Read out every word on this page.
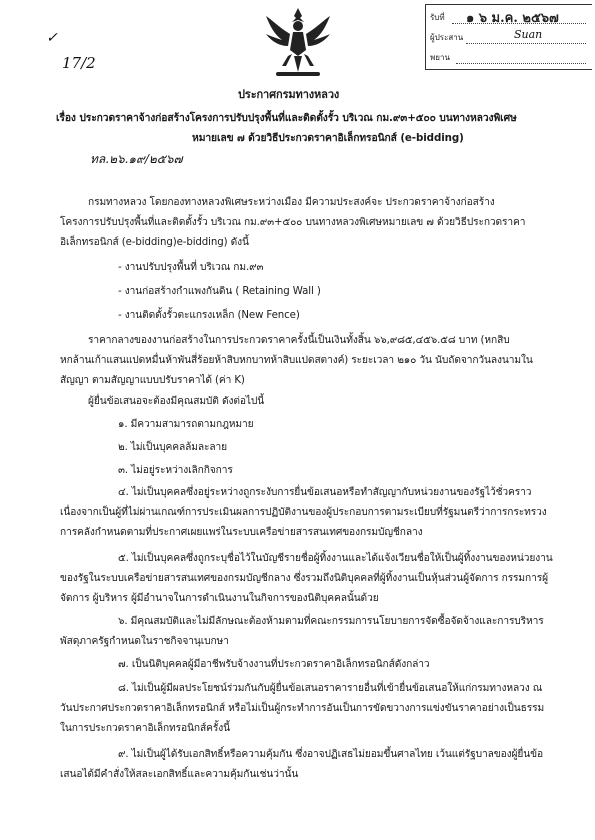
รับที่ ๑ ๖ ม.ค. ๒๕๖๗
ผู้ประสาน	Suan
พยาน
✓
17/2
ประกาศกรมทางหลวง
เรื่อง ประกวดราคาจ้างก่อสร้างโครงการปรับปรุงพื้นที่และติดตั้งรั้ว บริเวณ กม.๙๓+๕๐๐ บนทางหลวงพิเศษ
หมายเลข ๗ ด้วยวิธีประกวดราคาอิเล็กทรอนิกส์ (e-bidding)
ทล.๒๖.๑๙/๒๕๖๗
กรมทางหลวง โดยกองทางหลวงพิเศษระหว่างเมือง มีความประสงค์จะ ประกวดราคาจ้างก่อสร้าง
โครงการปรับปรุงพื้นที่และติดตั้งรั้ว บริเวณ กม.๙๓+๕๐๐ บนทางหลวงพิเศษหมายเลข ๗ ด้วยวิธีประกวดราคา
อิเล็กทรอนิกส์ (e-bidding)e-bidding) ดังนี้
- งานปรับปรุงพื้นที่ บริเวณ กม.๙๓
- งานก่อสร้างกำแพงกันดิน ( Retaining Wall )
- งานติดตั้งรั้วตะแกรงเหล็ก (New Fence)
ราคากลางของงานก่อสร้างในการประกวดราคาครั้งนี้เป็นเงินทั้งสิ้น ๖๖,๙๘๕,๔๕๖.๕๘ บาท (หกสิบ
หกล้านเก้าแสนแปดหมื่นห้าพันสี่ร้อยห้าสิบหกบาทห้าสิบแปดสตางค์) ระยะเวลา ๒๑๐ วัน นับถัดจากวันลงนามใน
สัญญา ตามสัญญาแบบปรับราคาได้ (ค่า K)
ผู้ยื่นข้อเสนอจะต้องมีคุณสมบัติ ดังต่อไปนี้
๑. มีความสามารถตามกฎหมาย
๒. ไม่เป็นบุคคลล้มละลาย
๓. ไม่อยู่ระหว่างเลิกกิจการ
๔. ไม่เป็นบุคคลซึ่งอยู่ระหว่างถูกระงับการยื่นข้อเสนอหรือทำสัญญากับหน่วยงานของรัฐไว้ชั่วคราว
เนื่องจากเป็นผู้ที่ไม่ผ่านเกณฑ์การประเมินผลการปฏิบัติงานของผู้ประกอบการตามระเบียบที่รัฐมนตรีว่าการกระทรวง
การคลังกำหนดตามที่ประกาศเผยแพร่ในระบบเครือข่ายสารสนเทศของกรมบัญชีกลาง
๕. ไม่เป็นบุคคลซึ่งถูกระบุชื่อไว้ในบัญชีรายชื่อผู้ทิ้งงานและได้แจ้งเวียนชื่อให้เป็นผู้ทิ้งงานของหน่วยงาน
ของรัฐในระบบเครือข่ายสารสนเทศของกรมบัญชีกลาง ซึ่งรวมถึงนิติบุคคลที่ผู้ทิ้งงานเป็นหุ้นส่วนผู้จัดการ กรรมการผู้
จัดการ ผู้บริหาร ผู้มีอำนาจในการดำเนินงานในกิจการของนิติบุคคลนั้นด้วย
๖. มีคุณสมบัติและไม่มีลักษณะต้องห้ามตามที่คณะกรรมการนโยบายการจัดซื้อจัดจ้างและการบริหาร
พัสดุภาครัฐกำหนดในราชกิจจานุเบกษา
๗. เป็นนิติบุคคลผู้มีอาชีพรับจ้างงานที่ประกวดราคาอิเล็กทรอนิกส์ดังกล่าว
๘. ไม่เป็นผู้มีผลประโยชน์ร่วมกันกับผู้ยื่นข้อเสนอราคารายอื่นที่เข้ายื่นข้อเสนอให้แก่กรมทางหลวง ณ
วันประกาศประกวดราคาอิเล็กทรอนิกส์ หรือไม่เป็นผู้กระทำการอันเป็นการขัดขวางการแข่งขันราคาอย่างเป็นธรรม
ในการประกวดราคาอิเล็กทรอนิกส์ครั้งนี้
๙. ไม่เป็นผู้ได้รับเอกสิทธิ์หรือความคุ้มกัน ซึ่งอาจปฏิเสธไม่ยอมขึ้นศาลไทย เว้นแต่รัฐบาลของผู้ยื่นข้อ
เสนอได้มีคำสั่งให้สละเอกสิทธิ์และความคุ้มกันเช่นว่านั้น
